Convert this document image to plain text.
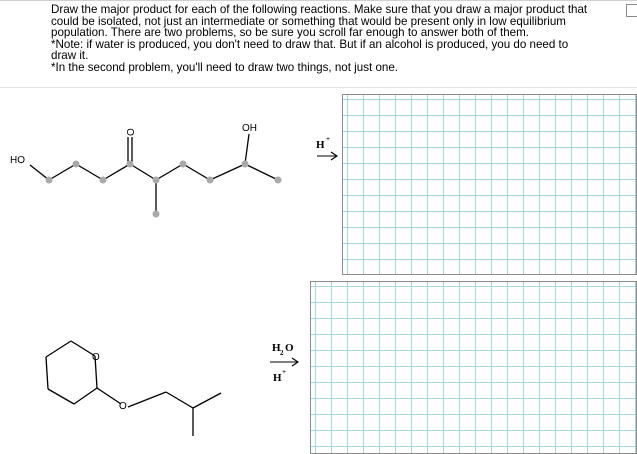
Draw the major product for each of the following reactions. Make sure that you draw a major product that
could be isolated, not just an intermediate or something that would be present only in low equilibrium
population. There are two problems, so be sure you scroll far enough to answer both of them.
*Note: if water is produced, you don't need to draw that. But if an alcohol is produced, you do need to
draw it.
*In the second problem, you'll need to draw two things, not just one.
HO
O	OH
H +
O
O
H 2 O
H +
